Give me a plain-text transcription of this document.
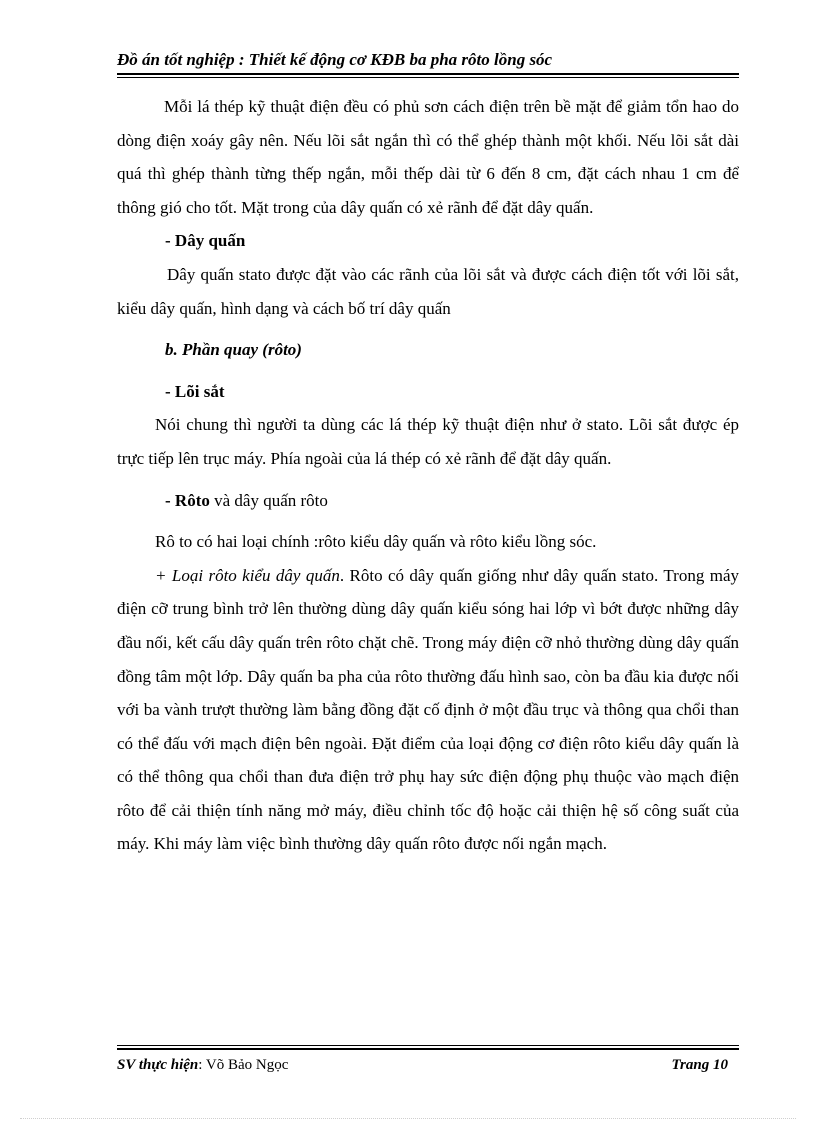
Đồ án tốt nghiệp : Thiết kế động cơ KĐB ba pha rôto lồng sóc

Mỗi lá thép kỹ thuật điện đều có phủ sơn cách điện trên bề mặt để giảm tổn hao do dòng điện xoáy gây nên. Nếu lõi sắt ngắn thì có thể ghép thành một khối. Nếu lõi sắt dài quá thì ghép thành từng thếp ngắn, mỗi thếp dài từ 6 đến 8 cm, đặt cách nhau 1 cm để thông gió cho tốt. Mặt trong của dây quấn có xẻ rãnh để đặt dây quấn.

- Dây quấn

Dây quấn stato được đặt vào các rãnh của lõi sắt và được cách điện tốt với lõi sắt, kiểu dây quấn, hình dạng và cách bố trí dây quấn

b. Phần quay (rôto)

- Lõi sắt

Nói chung thì người ta dùng các lá thép kỹ thuật điện như ở stato. Lõi sắt được ép trực tiếp lên trục máy. Phía ngoài của lá thép có xẻ rãnh để đặt dây quấn.

- Rôto và dây quấn rôto

Rô to có hai loại chính :rôto kiểu dây quấn và rôto kiểu lồng sóc.

+ Loại rôto kiểu dây quấn. Rôto có dây quấn giống như dây quấn stato. Trong máy điện cỡ trung bình trở lên thường dùng dây quấn kiểu sóng hai lớp vì bớt được những dây đầu nối, kết cấu dây quấn trên rôto chặt chẽ. Trong máy điện cỡ nhỏ thường dùng dây quấn đồng tâm một lớp. Dây quấn ba pha của rôto thường đấu hình sao, còn ba đầu kia được nối với ba vành trượt thường làm bằng đồng đặt cố định ở một đầu trục và thông qua chổi than có thể đấu với mạch điện bên ngoài. Đặt điểm của loại động cơ điện rôto kiểu dây quấn là có thể thông qua chổi than đưa điện trở phụ hay sức điện động phụ thuộc vào mạch điện rôto để cải thiện tính năng mở máy, điều chỉnh tốc độ hoặc cải thiện hệ số công suất của máy. Khi máy làm việc bình thường dây quấn rôto được nối ngắn mạch.

SV thực hiện: Võ Bảo Ngọc	Trang 10
